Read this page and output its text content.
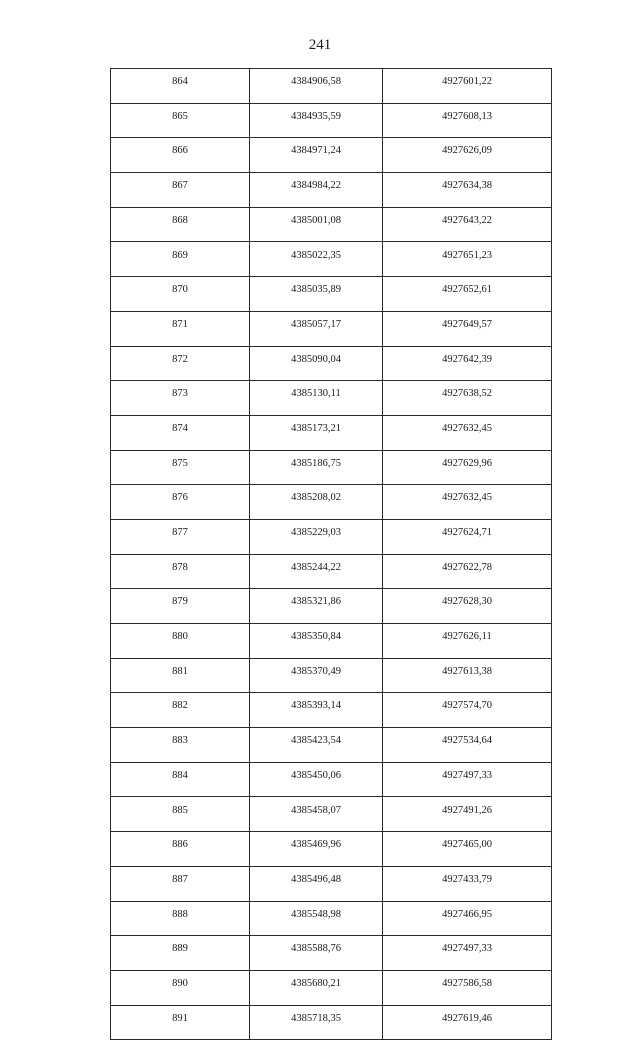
241
864	4384906,58	4927601,22
865	4384935,59	4927608,13
866	4384971,24	4927626,09
867	4384984,22	4927634,38
868	4385001,08	4927643,22
869	4385022,35	4927651,23
870	4385035,89	4927652,61
871	4385057,17	4927649,57
872	4385090,04	4927642,39
873	4385130,11	4927638,52
874	4385173,21	4927632,45
875	4385186,75	4927629,96
876	4385208,02	4927632,45
877	4385229,03	4927624,71
878	4385244,22	4927622,78
879	4385321,86	4927628,30
880	4385350,84	4927626,11
881	4385370,49	4927613,38
882	4385393,14	4927574,70
883	4385423,54	4927534,64
884	4385450,06	4927497,33
885	4385458,07	4927491,26
886	4385469,96	4927465,00
887	4385496,48	4927433,79
888	4385548,98	4927466,95
889	4385588,76	4927497,33
890	4385680,21	4927586,58
891	4385718,35	4927619,46
